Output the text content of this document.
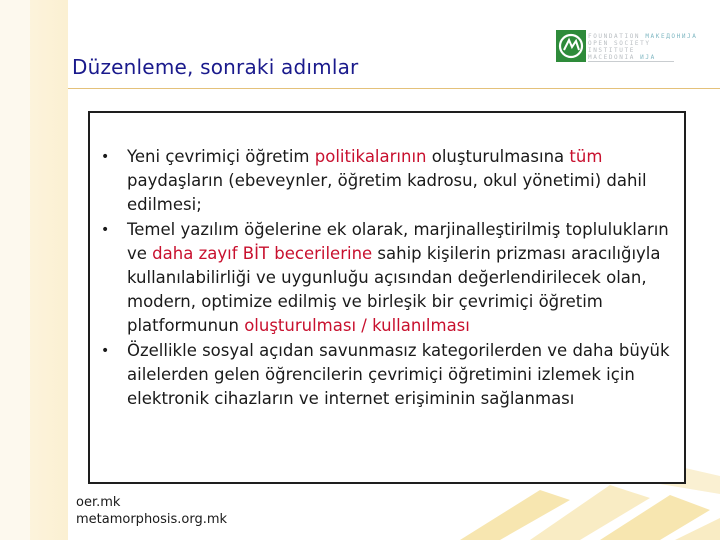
Düzenleme, sonraki adımlar
FOUNDATION МАКЕДОНИЈА
OPEN SOCIETY
INSTITUTE
MACEDONIA ИЈА
• Yeni çevrimiçi öğretim politikalarının oluşturulmasına tüm paydaşların (ebeveynler, öğretim kadrosu, okul yönetimi) dahil edilmesi;
• Temel yazılım öğelerine ek olarak, marjinalleştirilmiş toplulukların ve daha zayıf BİT becerilerine sahip kişilerin prizması aracılığıyla kullanılabilirliği ve uygunluğu açısından değerlendirilecek olan, modern, optimize edilmiş ve birleşik bir çevrimiçi öğretim platformunun oluşturulması / kullanılması
• Özellikle sosyal açıdan savunmasız kategorilerden ve daha büyük ailelerden gelen öğrencilerin çevrimiçi öğretimini izlemek için elektronik cihazların ve internet erişiminin sağlanması
oer.mk
metamorphosis.org.mk
